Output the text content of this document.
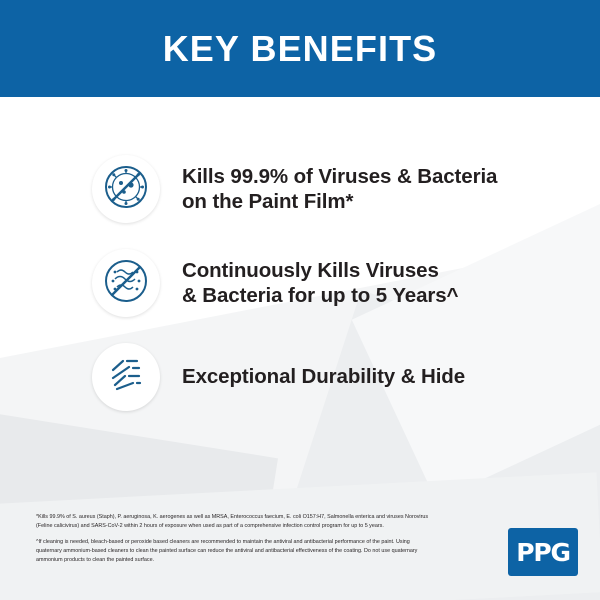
KEY BENEFITS
Kills 99.9% of Viruses & Bacteria
on the Paint Film*
Continuously Kills Viruses
& Bacteria for up to 5 Years^
Exceptional Durability & Hide

*Kills 99.9% of S. aureus (Staph), P. aeruginosa, K. aerogenes as well as MRSA, Enterococcus faecium, E. coli O157:H7, Salmonella enterica and viruses Norovirus (Feline calicivirus) and SARS-CoV-2 within 2 hours of exposure when used as part of a comprehensive infection control program for up to 5 years.

^If cleaning is needed, bleach-based or peroxide based cleaners are recommended to maintain the antiviral and antibacterial performance of the paint. Using quaternary ammonium-based cleaners to clean the painted surface can reduce the antiviral and antibacterial effectiveness of the coating. Do not use quaternary ammonium products to clean the painted surface.	PPG
